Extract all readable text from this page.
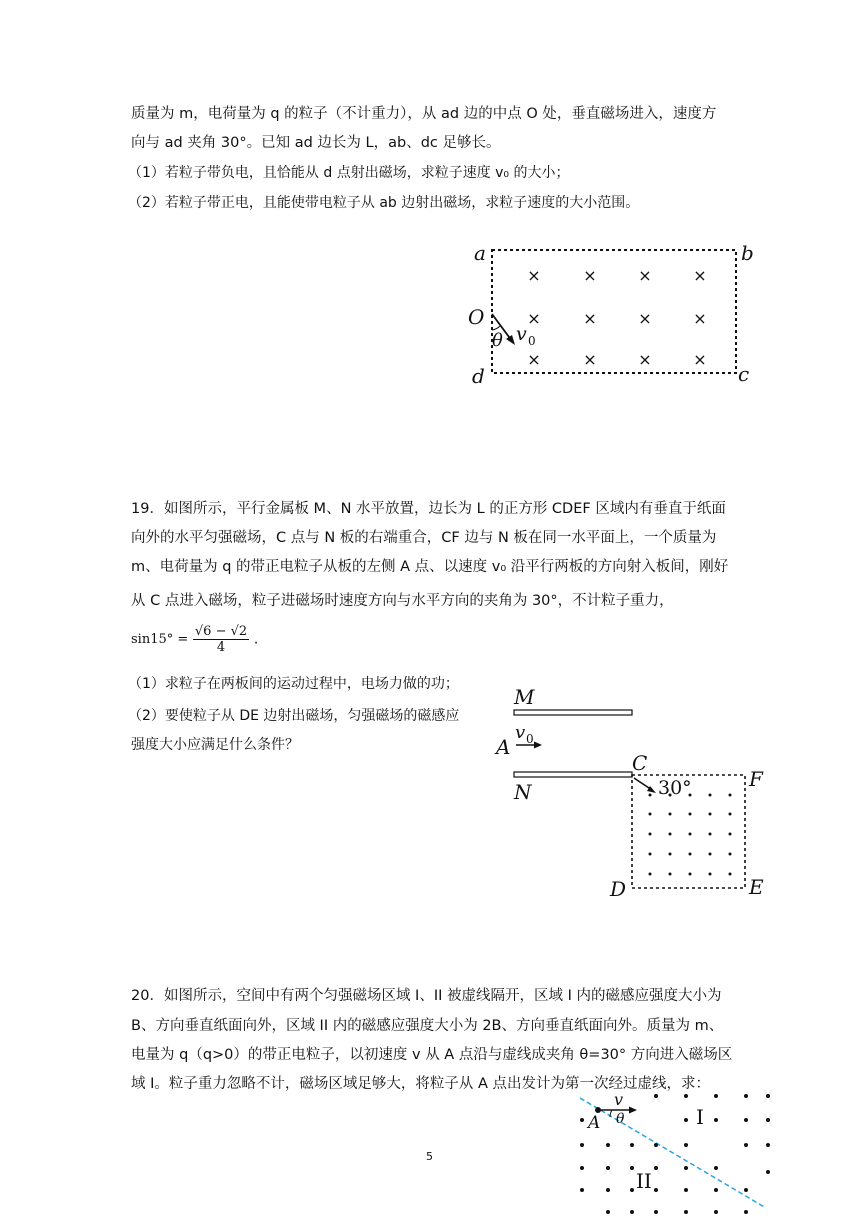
质量为 m，电荷量为 q 的粒子（不计重力），从 ad 边的中点 O 处，垂直磁场进入，速度方
向与 ad 夹角 30°。已知 ad 边长为 L，ab、dc 足够长。
（1）若粒子带负电，且恰能从 d 点射出磁场，求粒子速度 v₀ 的大小；
（2）若粒子带正电，且能使带电粒子从 ab 边射出磁场，求粒子速度的大小范围。
×	×	×	×
×	×	×	×
×	×	×	×
a	b
c
d
O
θ v 0
19．如图所示，平行金属板 M、N 水平放置，边长为 L 的正方形 CDEF 区域内有垂直于纸面
向外的水平匀强磁场，C 点与 N 板的右端重合，CF 边与 N 板在同一水平面上，一个质量为
m、电荷量为 q 的带正电粒子从板的左侧 A 点、以速度 v₀ 沿平行两板的方向射入板间，刚好
从 C 点进入磁场，粒子进磁场时速度方向与水平方向的夹角为 30°，不计粒子重力，
$\sin 15^\circ = \frac{√6 - √2}{4}$ .
（1）求粒子在两板间的运动过程中，电场力做的功；
（2）要使粒子从 DE 边射出磁场，匀强磁场的磁感应
强度大小应满足什么条件？
M
N
A
C
F
D	E
v 0
30°
20．如图所示，空间中有两个匀强磁场区域 I、II 被虚线隔开，区域 I 内的磁感应强度大小为
B、方向垂直纸面向外，区域 II 内的磁感应强度大小为 2B、方向垂直纸面向外。质量为 m、
电量为 q（q>0）的带正电粒子，以初速度 v 从 A 点沿与虚线成夹角 θ=30° 方向进入磁场区
域 I。粒子重力忽略不计，磁场区域足够大，将粒子从 A 点出发计为第一次经过虚线，求：
A
v
θ	I
II
5
